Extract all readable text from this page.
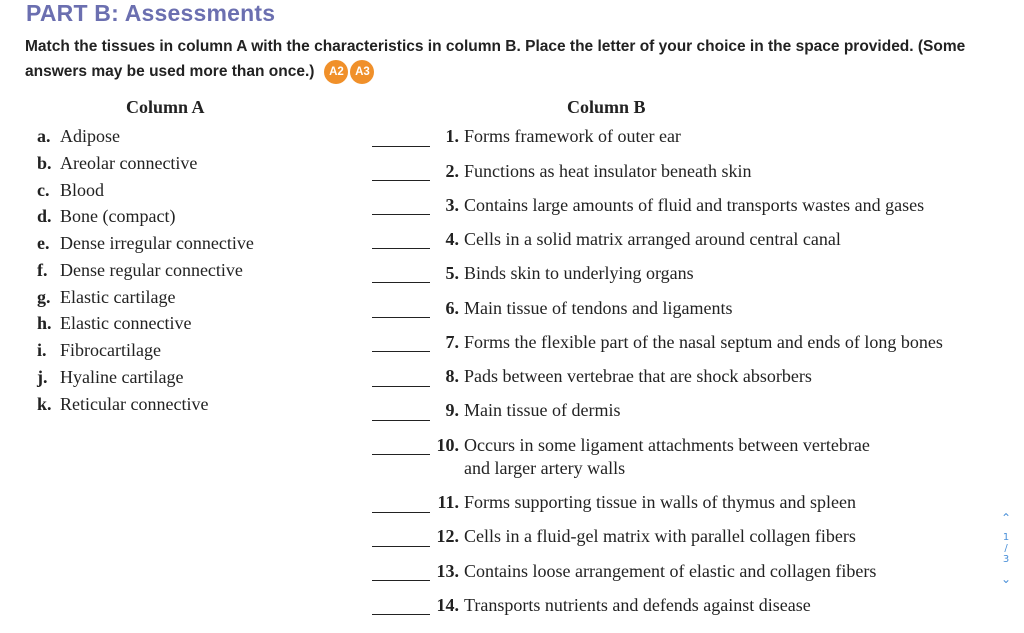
PART B: Assessments
Match the tissues in column A with the characteristics in column B. Place the letter of your choice in the space provided. (Some answers may be used more than once.) A2 A3
Column A	Column B
a. Adipose
b. Areolar connective
c. Blood
d. Bone (compact)
e. Dense irregular connective
f. Dense regular connective
g. Elastic cartilage
h. Elastic connective
i. Fibrocartilage
j. Hyaline cartilage
k. Reticular connective
1. Forms framework of outer ear
2. Functions as heat insulator beneath skin
3. Contains large amounts of fluid and transports wastes and gases
4. Cells in a solid matrix arranged around central canal
5. Binds skin to underlying organs
6. Main tissue of tendons and ligaments
7. Forms the flexible part of the nasal septum and ends of long bones
8. Pads between vertebrae that are shock absorbers
9. Main tissue of dermis
10. Occurs in some ligament attachments between vertebrae
and larger artery walls
11. Forms supporting tissue in walls of thymus and spleen
12. Cells in a fluid-gel matrix with parallel collagen fibers
13. Contains loose arrangement of elastic and collagen fibers
14. Transports nutrients and defends against disease
⌃
1
/
3
⌄
